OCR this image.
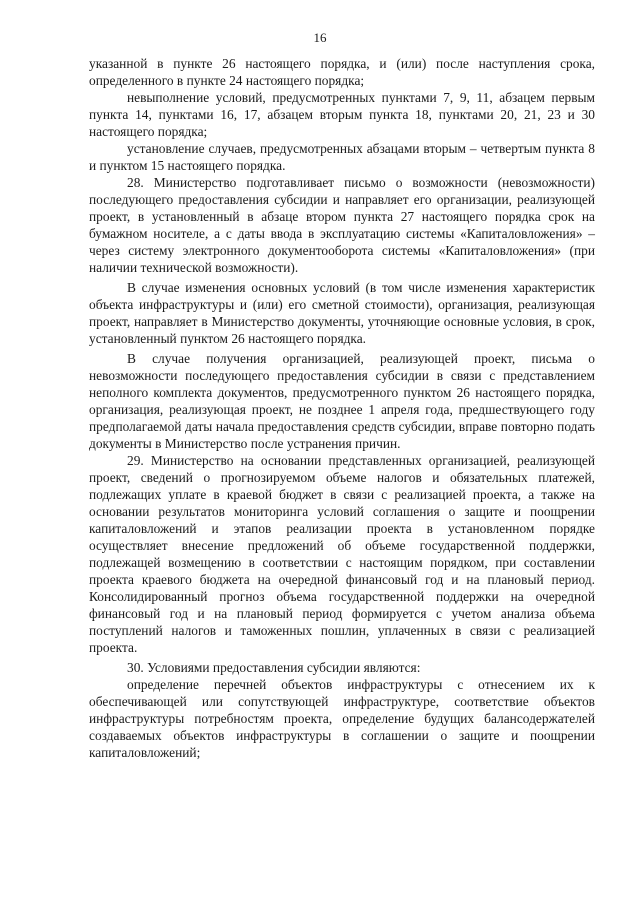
16

указанной в пункте 26 настоящего порядка, и (или) после наступления срока, определенного в пункте 24 настоящего порядка;

невыполнение условий, предусмотренных пунктами 7, 9, 11, абзацем первым пункта 14, пунктами 16, 17, абзацем вторым пункта 18, пунктами 20, 21, 23 и 30 настоящего порядка;

установление случаев, предусмотренных абзацами вторым – четвертым пункта 8 и пунктом 15 настоящего порядка.

28. Министерство подготавливает письмо о возможности (невозможности) последующего предоставления субсидии и направляет его организации, реализующей проект, в установленный в абзаце втором пункта 27 настоящего порядка срок на бумажном носителе, а с даты ввода в эксплуатацию системы «Капиталовложения» – через систему электронного документооборота системы «Капиталовложения» (при наличии технической возможности).

В случае изменения основных условий (в том числе изменения характеристик объекта инфраструктуры и (или) его сметной стоимости), организация, реализующая проект, направляет в Министерство документы, уточняющие основные условия, в срок, установленный пунктом 26 настоящего порядка.

В случае получения организацией, реализующей проект, письма о невозможности последующего предоставления субсидии в связи с представлением неполного комплекта документов, предусмотренного пунктом 26 настоящего порядка, организация, реализующая проект, не позднее 1 апреля года, предшествующего году предполагаемой даты начала предоставления средств субсидии, вправе повторно подать документы в Министерство после устранения причин.

29. Министерство на основании представленных организацией, реализующей проект, сведений о прогнозируемом объеме налогов и обязательных платежей, подлежащих уплате в краевой бюджет в связи с реализацией проекта, а также на основании результатов мониторинга условий соглашения о защите и поощрении капиталовложений и этапов реализации проекта в установленном порядке осуществляет внесение предложений об объеме государственной поддержки, подлежащей возмещению в соответствии с настоящим порядком, при составлении проекта краевого бюджета на очередной финансовый год и на плановый период. Консолидированный прогноз объема государственной поддержки на очередной финансовый год и на плановый период формируется с учетом анализа объема поступлений налогов и таможенных пошлин, уплаченных в связи с реализацией проекта.

30. Условиями предоставления субсидии являются:

определение перечней объектов инфраструктуры с отнесением их к обеспечивающей или сопутствующей инфраструктуре, соответствие объектов инфраструктуры потребностям проекта, определение будущих балансодержателей создаваемых объектов инфраструктуры в соглашении о защите и поощрении капиталовложений;
